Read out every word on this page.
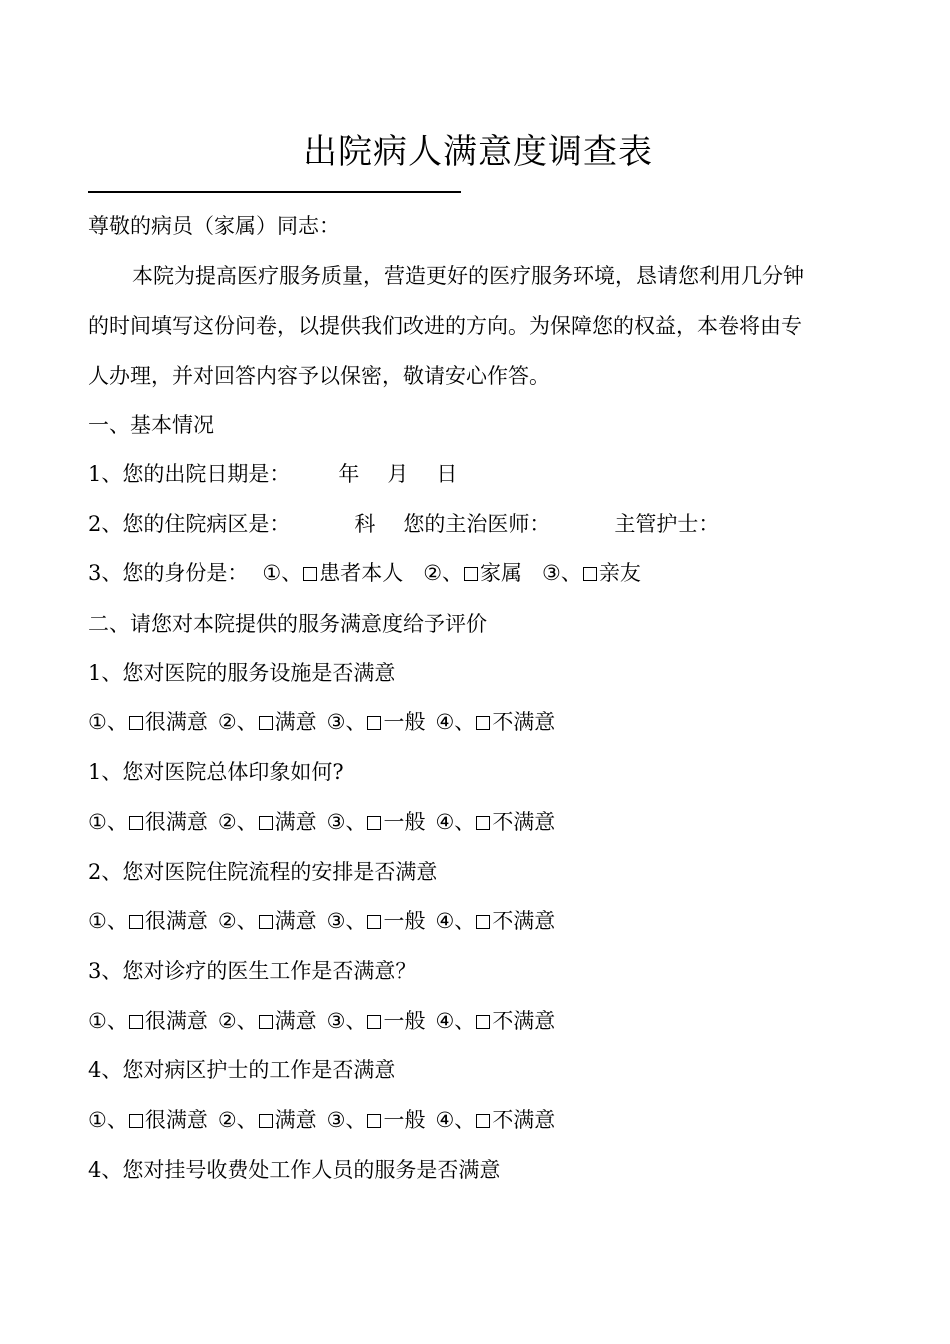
出院病人满意度调查表
尊敬的病员（家属）同志：
本院为提高医疗服务质量，营造更好的医疗服务环境，恳请您利用几分钟
的时间填写这份问卷，以提供我们改进的方向。为保障您的权益，本卷将由专
人办理，并对回答内容予以保密，敬请安心作答。
一、基本情况
1、您的出院日期是： 年 月 日
2、您的住院病区是：	科 您的主治医师：	主管护士：
3、您的身份是： ①、 患者本人 ②、 家属 ③、 亲友
二、请您对本院提供的服务满意度给予评价
1、您对医院的服务设施是否满意
①、 很满意 ②、 满意 ③、 一般 ④、 不满意
1、您对医院总体印象如何?
①、 很满意 ②、 满意 ③、 一般 ④、 不满意
2、您对医院住院流程的安排是否满意
①、 很满意 ②、 满意 ③、 一般 ④、 不满意
3、您对诊疗的医生工作是否满意？
①、 很满意 ②、 满意 ③、 一般 ④、 不满意
4、您对病区护士的工作是否满意
①、 很满意 ②、 满意 ③、 一般 ④、 不满意
4、您对挂号收费处工作人员的服务是否满意
